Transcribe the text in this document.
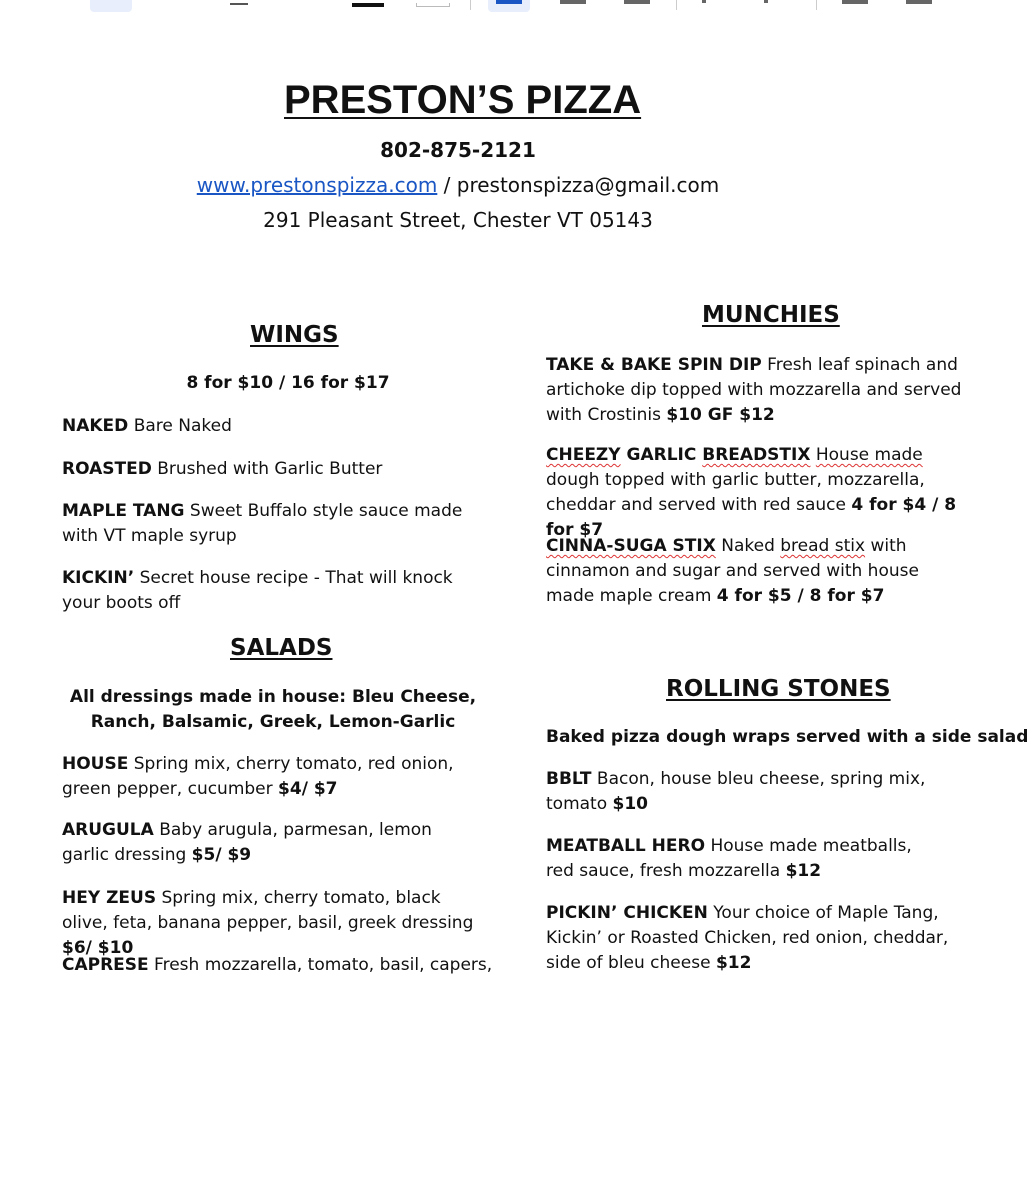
PRESTON’S PIZZA
802-875-2121
www.prestonspizza.com / prestonspizza@gmail.com
291 Pleasant Street, Chester VT 05143
WINGS
8 for $10 / 16 for $17
NAKED Bare Naked
ROASTED Brushed with Garlic Butter
MAPLE TANG Sweet Buffalo style sauce made with VT maple syrup
KICKIN’ Secret house recipe - That will knock your boots off
SALADS
All dressings made in house: Bleu Cheese, Ranch, Balsamic, Greek, Lemon-Garlic
HOUSE Spring mix, cherry tomato, red onion, green pepper, cucumber $4/ $7
ARUGULA Baby arugula, parmesan, lemon garlic dressing $5/ $9
HEY ZEUS Spring mix, cherry tomato, black olive, feta, banana pepper, basil, greek dressing $6/ $10
CAPRESE Fresh mozzarella, tomato, basil, capers,
MUNCHIES
TAKE & BAKE SPIN DIP Fresh leaf spinach and artichoke dip topped with mozzarella and served with Crostinis $10 GF $12
CHEEZY GARLIC BREADSTIX House made dough topped with garlic butter, mozzarella, cheddar and served with red sauce 4 for $4 / 8 for $7
CINNA-SUGA STIX Naked bread stix with cinnamon and sugar and served with house made maple cream 4 for $5 / 8 for $7
ROLLING STONES
Baked pizza dough wraps served with a side salad
BBLT Bacon, house bleu cheese, spring mix, tomato $10
MEATBALL HERO House made meatballs, red sauce, fresh mozzarella $12
PICKIN’ CHICKEN Your choice of Maple Tang, Kickin’ or Roasted Chicken, red onion, cheddar, side of bleu cheese $12
